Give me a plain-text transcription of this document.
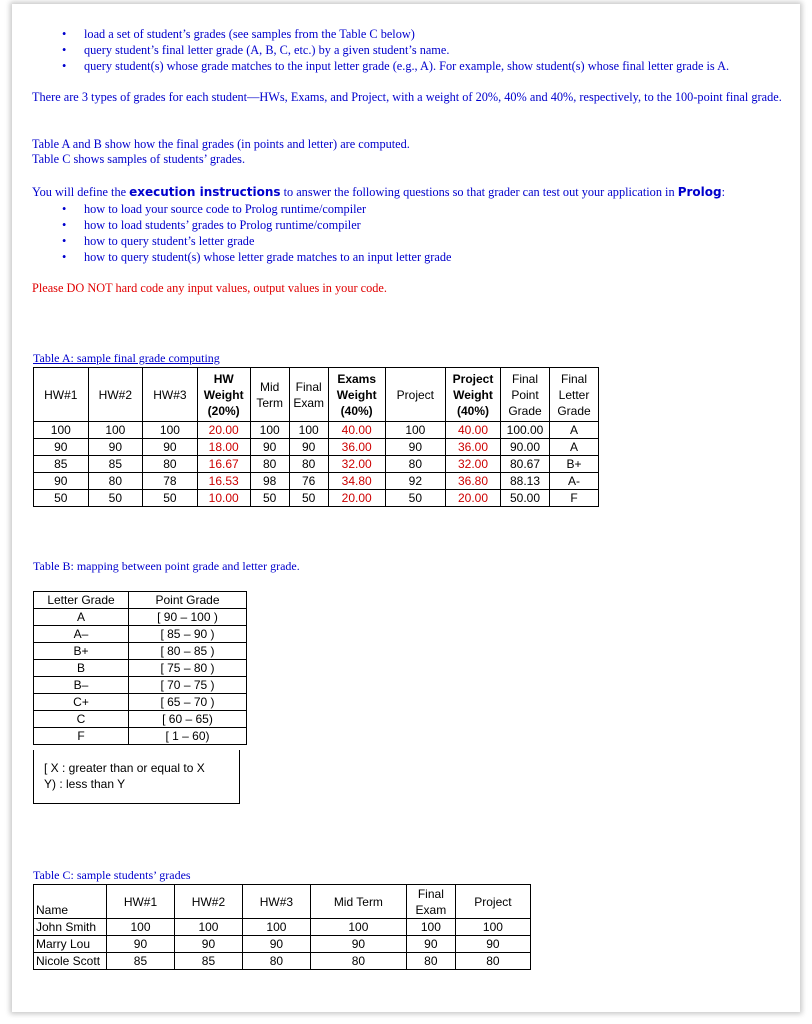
• load a set of student’s grades (see samples from the Table C below)
• query student’s final letter grade (A, B, C, etc.) by a given student’s name.
• query student(s) whose grade matches to the input letter grade (e.g., A). For example, show student(s) whose final letter grade is A.
There are 3 types of grades for each student—HWs, Exams, and Project, with a weight of 20%, 40% and 40%, respectively, to the 100-point final grade.
Table A and B show how the final grades (in points and letter) are computed.
Table C shows samples of students’ grades.
You will define the execution instructions to answer the following questions so that grader can test out your application in Prolog:
• how to load your source code to Prolog runtime/compiler
• how to load students’ grades to Prolog runtime/compiler
• how to query student’s letter grade
• how to query student(s) whose letter grade matches to an input letter grade
Please DO NOT hard code any input values, output values in your code.
Table A: sample final grade computing
HW#1	HW#2	HW#3	HW Weight (20%)	Mid Term	Final Exam	Exams Weight (40%)	Project	Project Weight (40%)	Final Point Grade	Final Letter Grade
100	100	100	20.00	100	100	40.00	100	40.00	100.00	A
90	90	90	18.00	90	90	36.00	90	36.00	90.00	A
85	85	80	16.67	80	80	32.00	80	32.00	80.67	B+
90	80	78	16.53	98	76	34.80	92	36.80	88.13	A-
50	50	50	10.00	50	50	20.00	50	20.00	50.00	F
Table B: mapping between point grade and letter grade.
Letter Grade	Point Grade
A	[ 90 – 100 )
A–	[ 85 – 90 )
B+	[ 80 – 85 )
B	[ 75 – 80 )
B–	[ 70 – 75 )
C+	[ 65 – 70 )
C	[ 60 – 65)
F	[ 1 – 60)
[ X : greater than or equal to X
Y) : less than Y
Table C: sample students’ grades
Name	HW#1	HW#2	HW#3	Mid Term	Final Exam	Project
John Smith	100	100	100	100	100	100
Marry Lou	90	90	90	90	90	90
Nicole Scott	85	85	80	80	80	80
